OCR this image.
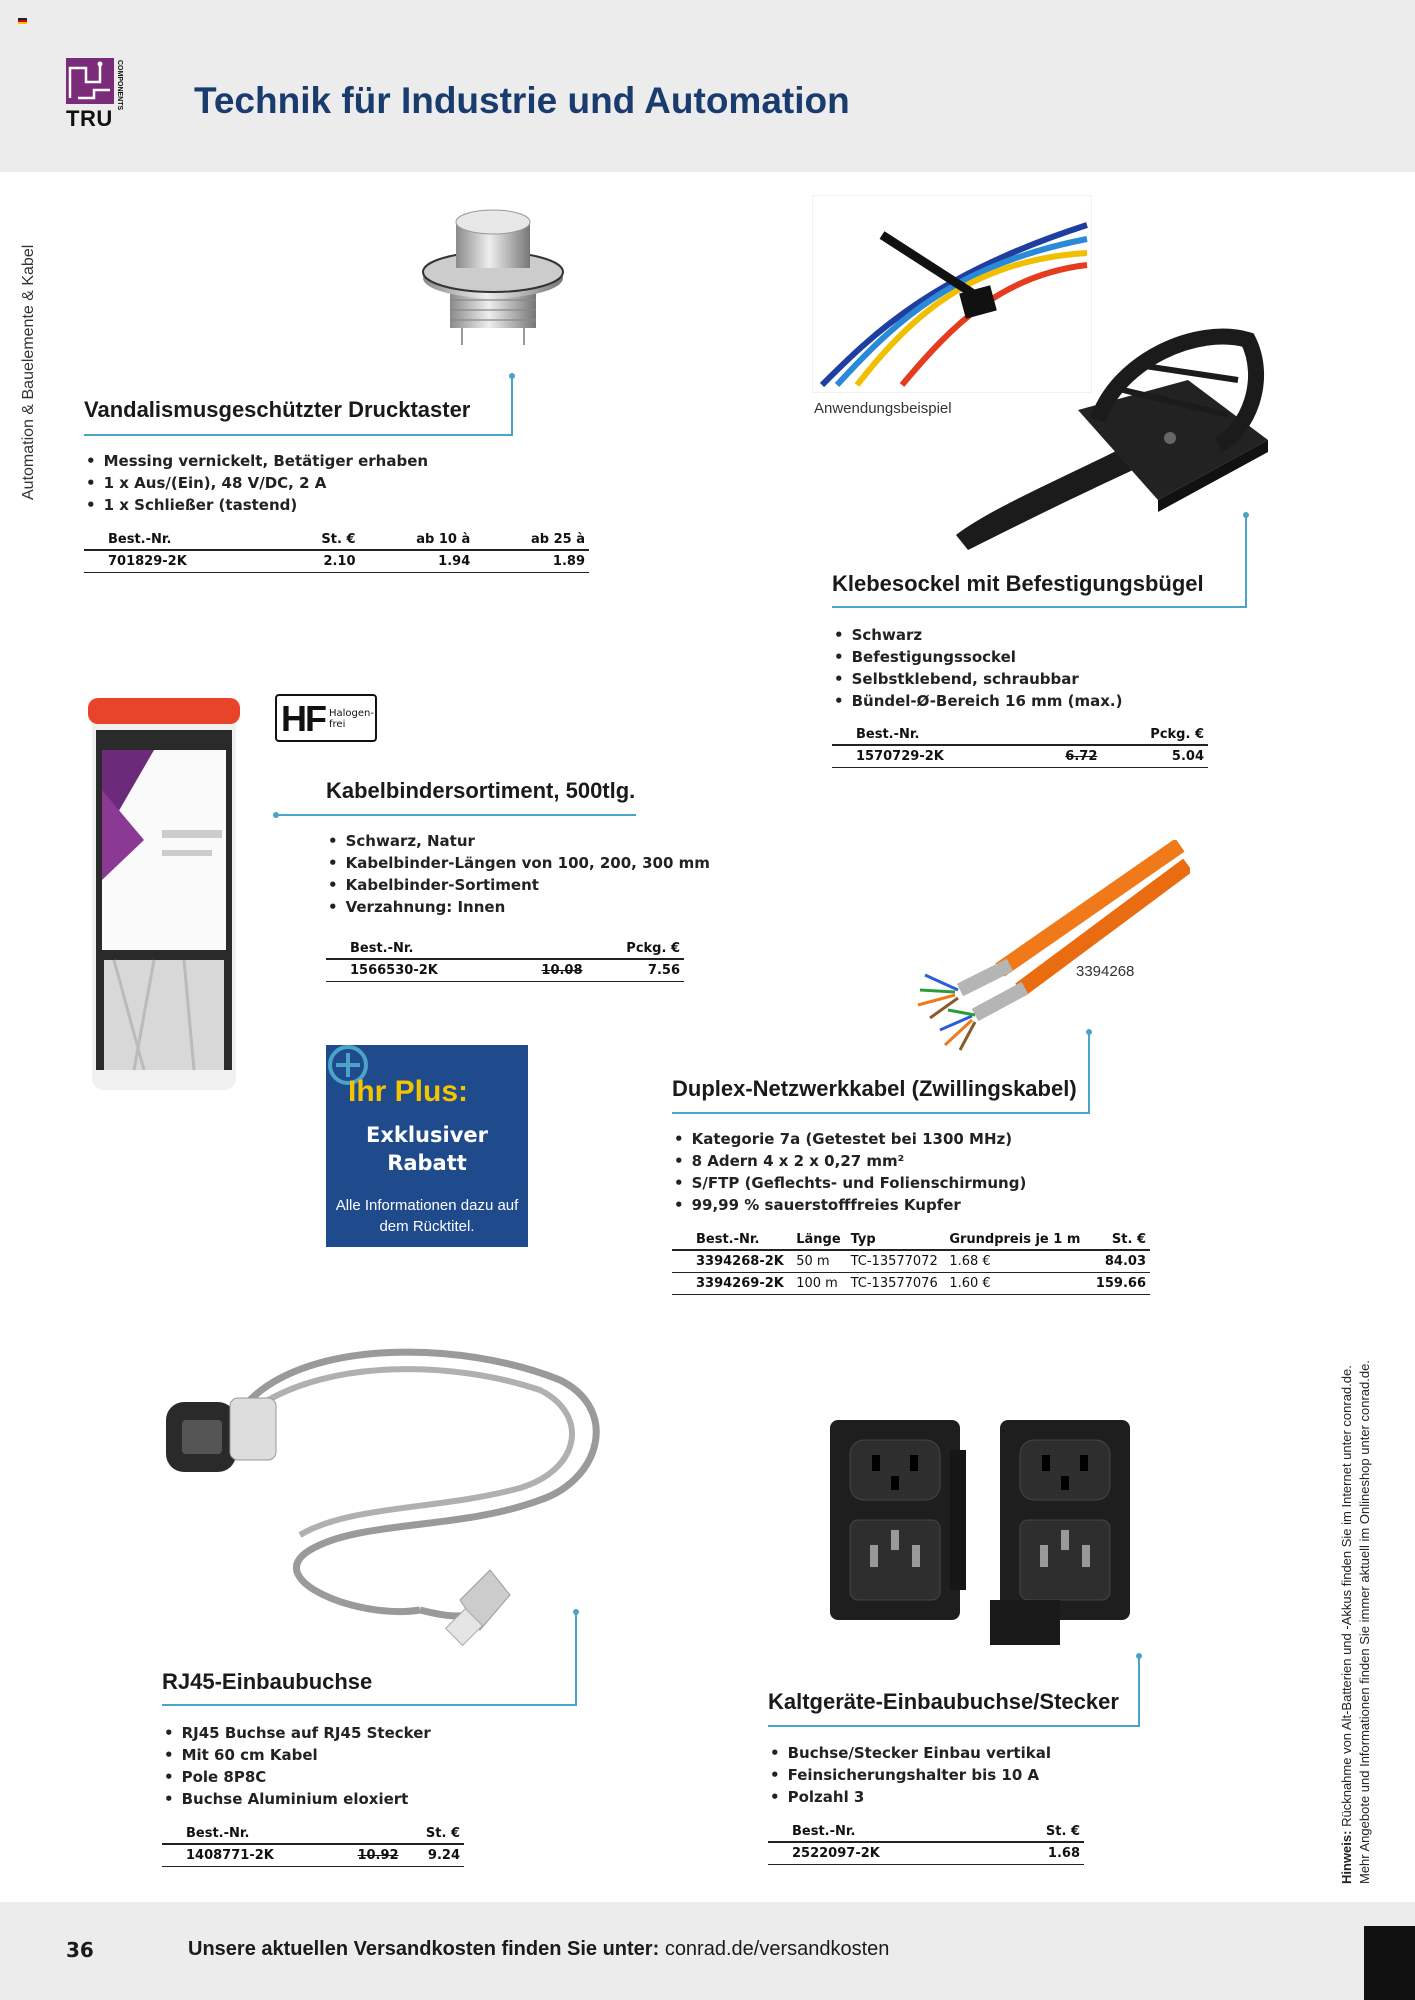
TRU
COMPONENTS Technik für Industrie und Automation
Automation & Bauelemente & Kabel	Vandalismusgeschützter Drucktaster
• Messing vernickelt, Betätiger erhaben
• 1 x Aus/(Ein), 48 V/DC, 2 A
• 1 x Schließer (tastend)
Best.-Nr.	St. €	ab 10 à	ab 25 à
701829-2K	2.10	1.94	1.89
Anwendungsbeispiel
Klebesockel mit Befestigungsbügel
• Schwarz
• Befestigungssockel
• Selbstklebend, schraubbar
• Bündel-Ø-Bereich 16 mm (max.)
Best.-Nr.		Pckg. €
1570729-2K	6.72	5.04
HF Halogen-frei
Kabelbindersortiment, 500tlg.
• Schwarz, Natur
• Kabelbinder-Längen von 100, 200, 300 mm
• Kabelbinder-Sortiment
• Verzahnung: Innen
Best.-Nr.		Pckg. €
1566530-2K	10.08	7.56
Ihr Plus:
Exklusiver
Rabatt
Alle Informationen dazu auf dem Rücktitel.
3394268
Duplex-Netzwerkkabel (Zwillingskabel)
• Kategorie 7a (Getestet bei 1300 MHz)
• 8 Adern 4 x 2 x 0,27 mm²
• S/FTP (Geflechts- und Folienschirmung)
• 99,99 % sauerstofffreies Kupfer
Best.-Nr.	Länge	Typ	Grundpreis je 1 m	St. €
3394268-2K	50 m	TC-13577072	1.68 €	84.03
3394269-2K	100 m	TC-13577076	1.60 €	159.66
RJ45-Einbaubuchse
• RJ45 Buchse auf RJ45 Stecker
• Mit 60 cm Kabel
• Pole 8P8C
• Buchse Aluminium eloxiert
Best.-Nr.		St. €
1408771-2K	10.92	9.24
Kaltgeräte-Einbaubuchse/Stecker
• Buchse/Stecker Einbau vertikal
• Feinsicherungshalter bis 10 A
• Polzahl 3
Best.-Nr.	St. €
2522097-2K	1.68	Hinweis: Rücknahme von Alt-Batterien und -Akkus finden Sie im Internet unter conrad.de. Mehr Angebote und Informationen finden Sie immer aktuell im Onlineshop unter conrad.de.
36	Unsere aktuellen Versandkosten finden Sie unter: conrad.de/versandkosten
